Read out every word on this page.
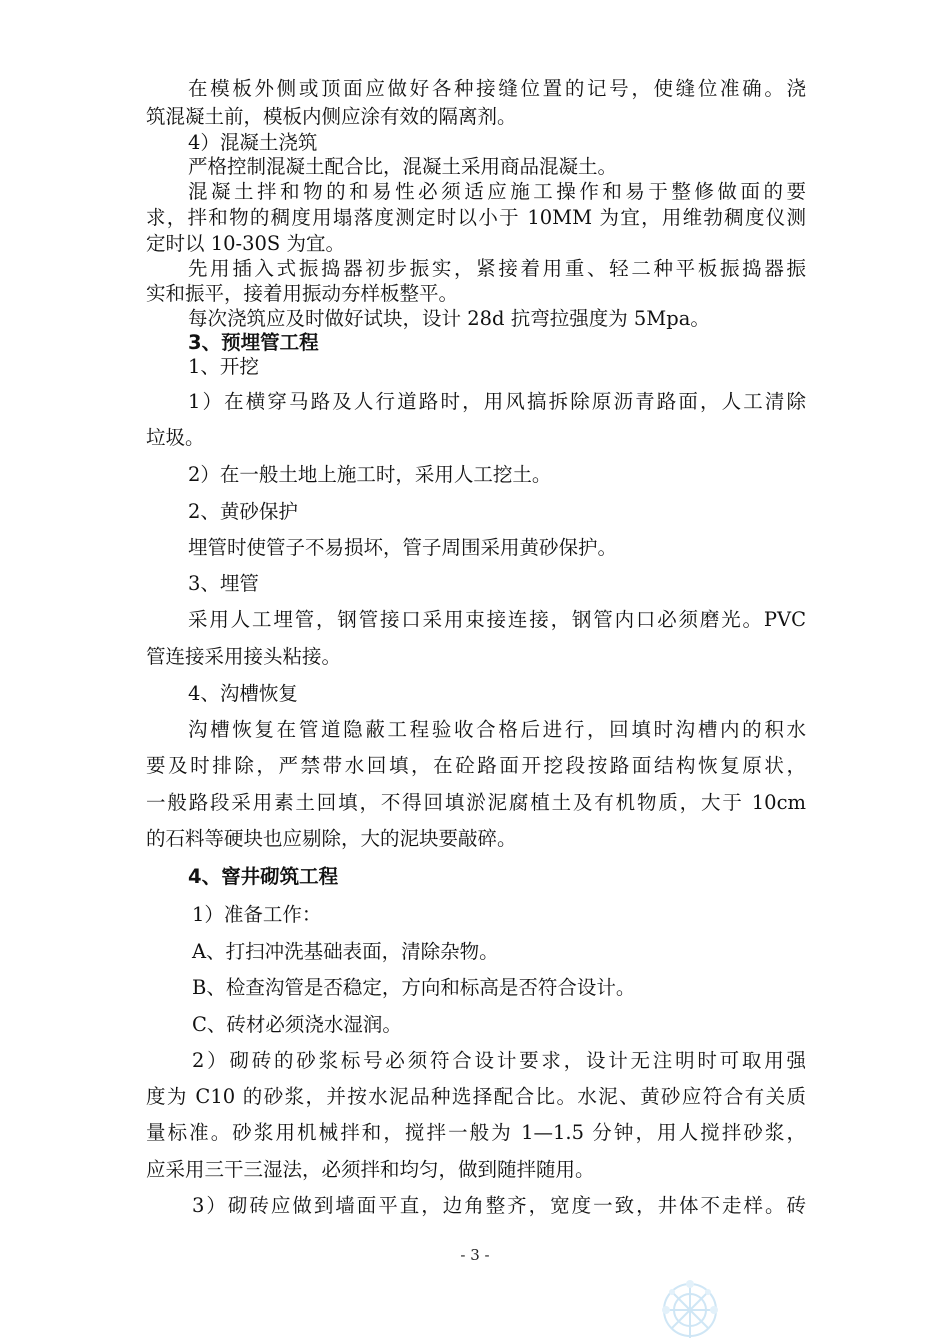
在模板外侧或顶面应做好各种接缝位置的记号，使缝位准确。浇
筑混凝土前，模板内侧应涂有效的隔离剂。
4）混凝土浇筑
严格控制混凝土配合比，混凝土采用商品混凝土。
混凝土拌和物的和易性必须适应施工操作和易于整修做面的要
求，拌和物的稠度用塌落度测定时以小于 10MM 为宜，用维勃稠度仪测
定时以 10-30S 为宜。
先用插入式振捣器初步振实，紧接着用重、轻二种平板振捣器振
实和振平，接着用振动夯样板整平。
每次浇筑应及时做好试块，设计 28d 抗弯拉强度为 5Mpa。
3、预埋管工程
1、开挖
1）在横穿马路及人行道路时，用风搞拆除原沥青路面，人工清除
垃圾。
2）在一般土地上施工时，采用人工挖土。
2、黄砂保护
埋管时使管子不易损坏，管子周围采用黄砂保护。
3、埋管
采用人工埋管，钢管接口采用束接连接，钢管内口必须磨光。PVC
管连接采用接头粘接。
4、沟槽恢复
沟槽恢复在管道隐蔽工程验收合格后进行，回填时沟槽内的积水
要及时排除，严禁带水回填，在砼路面开挖段按路面结构恢复原状，
一般路段采用素土回填，不得回填淤泥腐植土及有机物质，大于 10cm
的石料等硬块也应剔除，大的泥块要敲碎。
4、窨井砌筑工程
1）准备工作：
A、打扫冲洗基础表面，清除杂物。
B、检查沟管是否稳定，方向和标高是否符合设计。
C、砖材必须浇水湿润。
2）砌砖的砂浆标号必须符合设计要求，设计无注明时可取用强
度为 C10 的砂浆，并按水泥品种选择配合比。水泥、黄砂应符合有关质
量标准。砂浆用机械拌和，搅拌一般为 1—1.5 分钟，用人搅拌砂浆，
应采用三干三湿法，必须拌和均匀，做到随拌随用。
3）砌砖应做到墙面平直，边角整齐，宽度一致，井体不走样。砖
- 3 -
